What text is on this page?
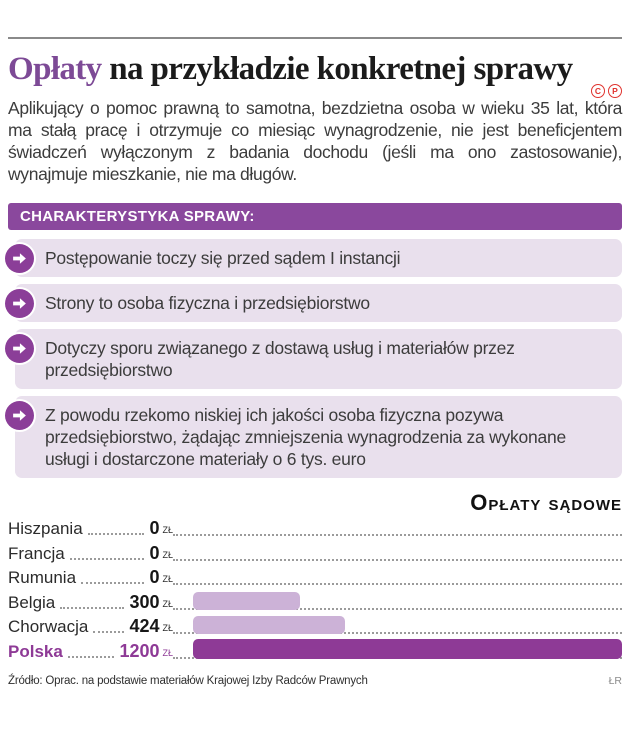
C	P
Opłaty na przykładzie konkretnej sprawy

Aplikujący o pomoc prawną to samotna, bezdzietna osoba w wieku 35 lat, która ma stałą pracę i otrzymuje co miesiąc wynagrodzenie, nie jest beneficjentem świadczeń wyłączonym z badania dochodu (jeśli ma ono zastosowanie), wynajmuje mieszkanie, nie ma długów.

CHARAKTERYSTYKA SPRAWY:
Postępowanie toczy się przed sądem I instancji
Strony to osoba fizyczna i przedsiębiorstwo
Dotyczy sporu związanego z dostawą usług i materiałów przez przedsiębiorstwo
Z powodu rzekomo niskiej ich jakości osoba fizyczna pozywa przedsiębiorstwo, żądając zmniejszenia wynagrodzenia za wykonane usługi i dostarczone materiały o 6 tys. euro
Opłaty sądowe
Hiszpania	0 zł
Francja	0 zł
Rumunia	0 zł
Belgia	300 zł
Chorwacja 424 zł
Polska	1200 zł
Źródło: Oprac. na podstawie materiałów Krajowej Izby Radców Prawnych	ŁR
